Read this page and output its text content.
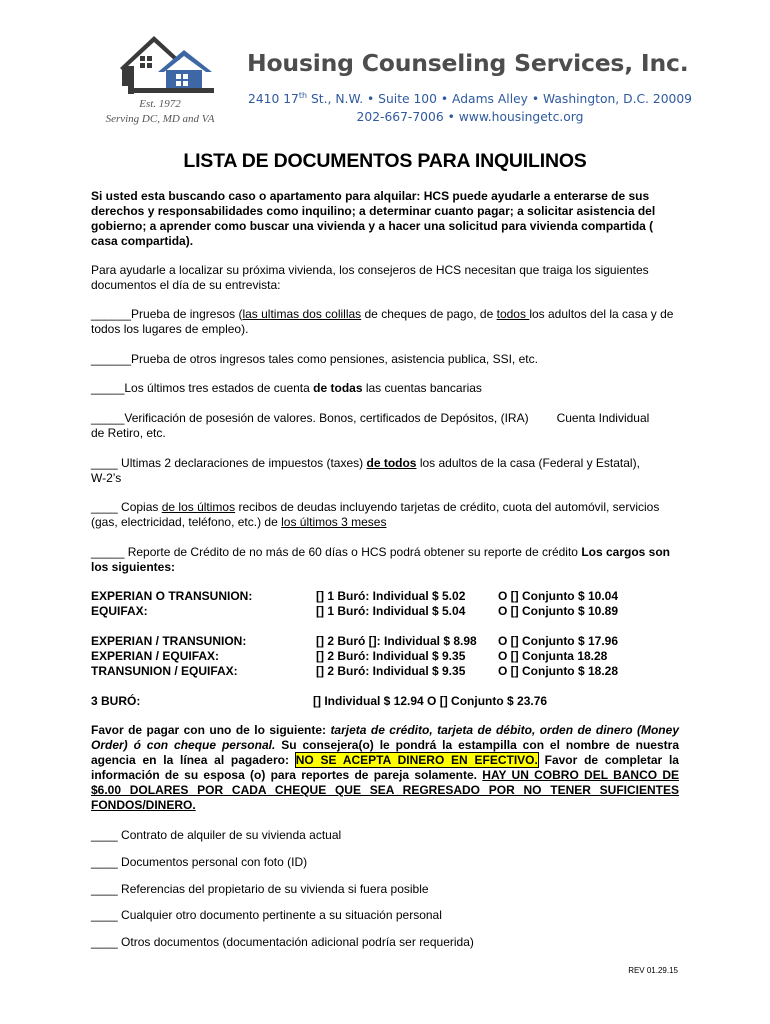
Housing Counseling Services, Inc.
Est. 1972
Serving DC, MD and VA
2410 17th St., N.W. • Suite 100 • Adams Alley • Washington, D.C. 20009
202-667-7006 • www.housingetc.org
LISTA DE DOCUMENTOS PARA INQUILINOS
Si usted esta buscando caso o apartamento para alquilar: HCS puede ayudarle a enterarse de sus derechos y responsabilidades como inquilino; a determinar cuanto pagar; a solicitar asistencia del gobierno; a aprender como buscar una vivienda y a hacer una solicitud para vivienda compartida ( casa compartida).
Para ayudarle a localizar su próxima vivienda, los consejeros de HCS necesitan que traiga los siguientes documentos el día de su entrevista:
______Prueba de ingresos (las ultimas dos colillas de cheques de pago, de todos los adultos del la casa y de todos los lugares de empleo).
______Prueba de otros ingresos tales como pensiones, asistencia publica, SSI, etc.
_____Los últimos tres estados de cuenta de todas las cuentas bancarias
_____Verificación de posesión de valores. Bonos, certificados de Depósitos, (IRA) Cuenta Individual
de Retiro, etc.
____ Ultimas 2 declaraciones de impuestos (taxes) de todos los adultos de la casa (Federal y Estatal),
W-2’s
____ Copias de los últimos recibos de deudas incluyendo tarjetas de crédito, cuota del automóvil, servicios (gas, electricidad, teléfono, etc.) de los últimos 3 meses
_____ Reporte de Crédito de no más de 60 días o HCS podrá obtener su reporte de crédito Los cargos son los siguientes:
EXPERIAN O TRANSUNION:	[] 1 Buró: Individual $ 5.02	O [] Conjunto $ 10.04
EQUIFAX:	[] 1 Buró: Individual $ 5.04	O [] Conjunto $ 10.89
EXPERIAN / TRANSUNION:	[] 2 Buró []: Individual $ 8.98 O [] Conjunto $ 17.96
EXPERIAN / EQUIFAX:	[] 2 Buró: Individual $ 9.35	O [] Conjunta 18.28
TRANSUNION / EQUIFAX:	[] 2 Buró: Individual $ 9.35	O [] Conjunto $ 18.28
3 BURÓ:	[] Individual $ 12.94 O [] Conjunto $ 23.76
Favor de pagar con uno de lo siguiente: tarjeta de crédito, tarjeta de débito, orden de dinero (Money Order) ó con cheque personal. Su consejera(o) le pondrá la estampilla con el nombre de nuestra agencia en la línea al pagadero: NO SE ACEPTA DINERO EN EFECTIVO. Favor de completar la información de su esposa (o) para reportes de pareja solamente. HAY UN COBRO DEL BANCO DE $6.00 DOLARES POR CADA CHEQUE QUE SEA REGRESADO POR NO TENER SUFICIENTES FONDOS/DINERO.
____ Contrato de alquiler de su vivienda actual
____ Documentos personal con foto (ID)
____ Referencias del propietario de su vivienda si fuera posible
____ Cualquier otro documento pertinente a su situación personal
____ Otros documentos (documentación adicional podría ser requerida)
REV 01.29.15
